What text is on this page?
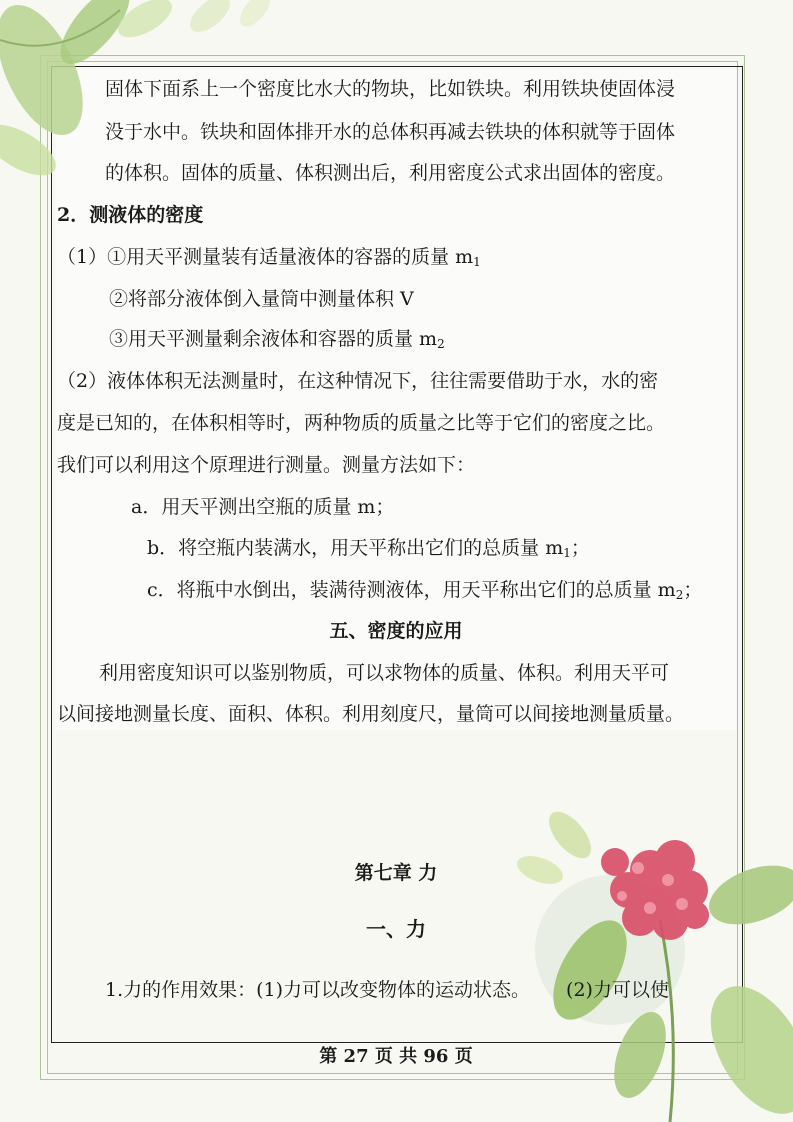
固体下面系上一个密度比水大的物块，比如铁块。利用铁块使固体浸
没于水中。铁块和固体排开水的总体积再减去铁块的体积就等于固体
的体积。固体的质量、体积测出后，利用密度公式求出固体的密度。
2．测液体的密度
（1）①用天平测量装有适量液体的容器的质量 $m_1$
②将部分液体倒入量筒中测量体积 V
③用天平测量剩余液体和容器的质量 $m_2$
（2）液体体积无法测量时，在这种情况下，往往需要借助于水，水的密
度是已知的，在体积相等时，两种物质的质量之比等于它们的密度之比。
我们可以利用这个原理进行测量。测量方法如下：
a．用天平测出空瓶的质量 m；
b．将空瓶内装满水，用天平称出它们的总质量 $m_1$；
c．将瓶中水倒出，装满待测液体，用天平称出它们的总质量 $m_2$；
五、密度的应用
利用密度知识可以鉴别物质，可以求物体的质量、体积。利用天平可
以间接地测量长度、面积、体积。利用刻度尺，量筒可以间接地测量质量。
第七章 力
一、力
1.力的作用效果：(1)力可以改变物体的运动状态。 (2)力可以使
第 27 页 共 96 页
